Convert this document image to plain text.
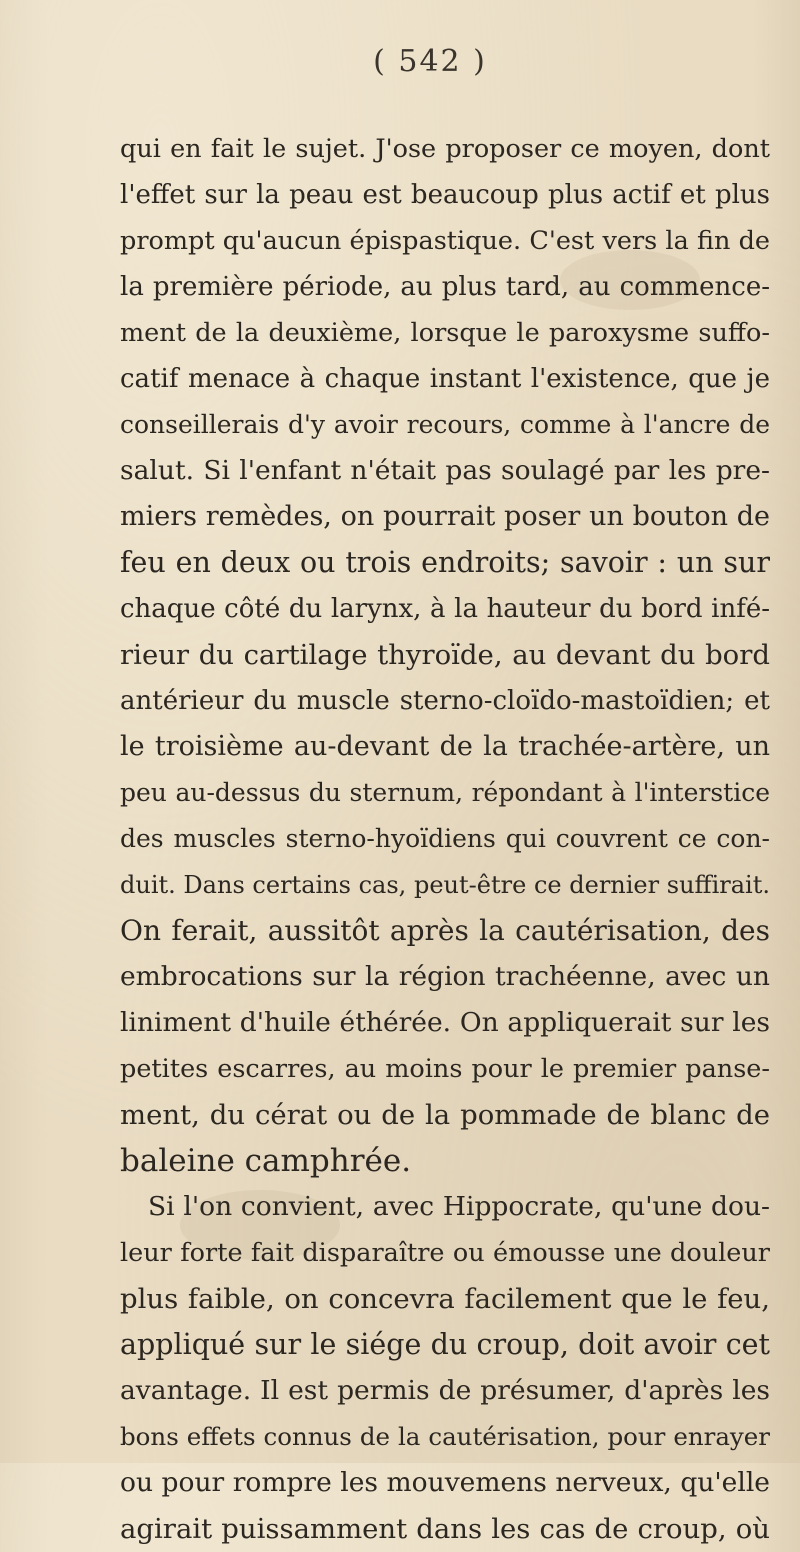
( 542 )
qui en fait le sujet. J'ose proposer ce moyen, dont
l'effet sur la peau est beaucoup plus actif et plus
prompt qu'aucun épispastique. C'est vers la fin de
la première période, au plus tard, au commence-
ment de la deuxième, lorsque le paroxysme suffo-
catif menace à chaque instant l'existence, que je
conseillerais d'y avoir recours, comme à l'ancre de
salut. Si l'enfant n'était pas soulagé par les pre-
miers remèdes, on pourrait poser un bouton de
feu en deux ou trois endroits; savoir : un sur
chaque côté du larynx, à la hauteur du bord infé-
rieur du cartilage thyroïde, au devant du bord
antérieur du muscle sterno-cloïdo-mastoïdien; et
le troisième au-devant de la trachée-artère, un
peu au-dessus du sternum, répondant à l'interstice
des muscles sterno-hyoïdiens qui couvrent ce con-
duit. Dans certains cas, peut-être ce dernier suffirait.
On ferait, aussitôt après la cautérisation, des
embrocations sur la région trachéenne, avec un
liniment d'huile éthérée. On appliquerait sur les
petites escarres, au moins pour le premier panse-
ment, du cérat ou de la pommade de blanc de
baleine camphrée.
Si l'on convient, avec Hippocrate, qu'une dou-
leur forte fait disparaître ou émousse une douleur
plus faible, on concevra facilement que le feu,
appliqué sur le siége du croup, doit avoir cet
avantage. Il est permis de présumer, d'après les
bons effets connus de la cautérisation, pour enrayer
ou pour rompre les mouvemens nerveux, qu'elle
agirait puissamment dans les cas de croup, où
